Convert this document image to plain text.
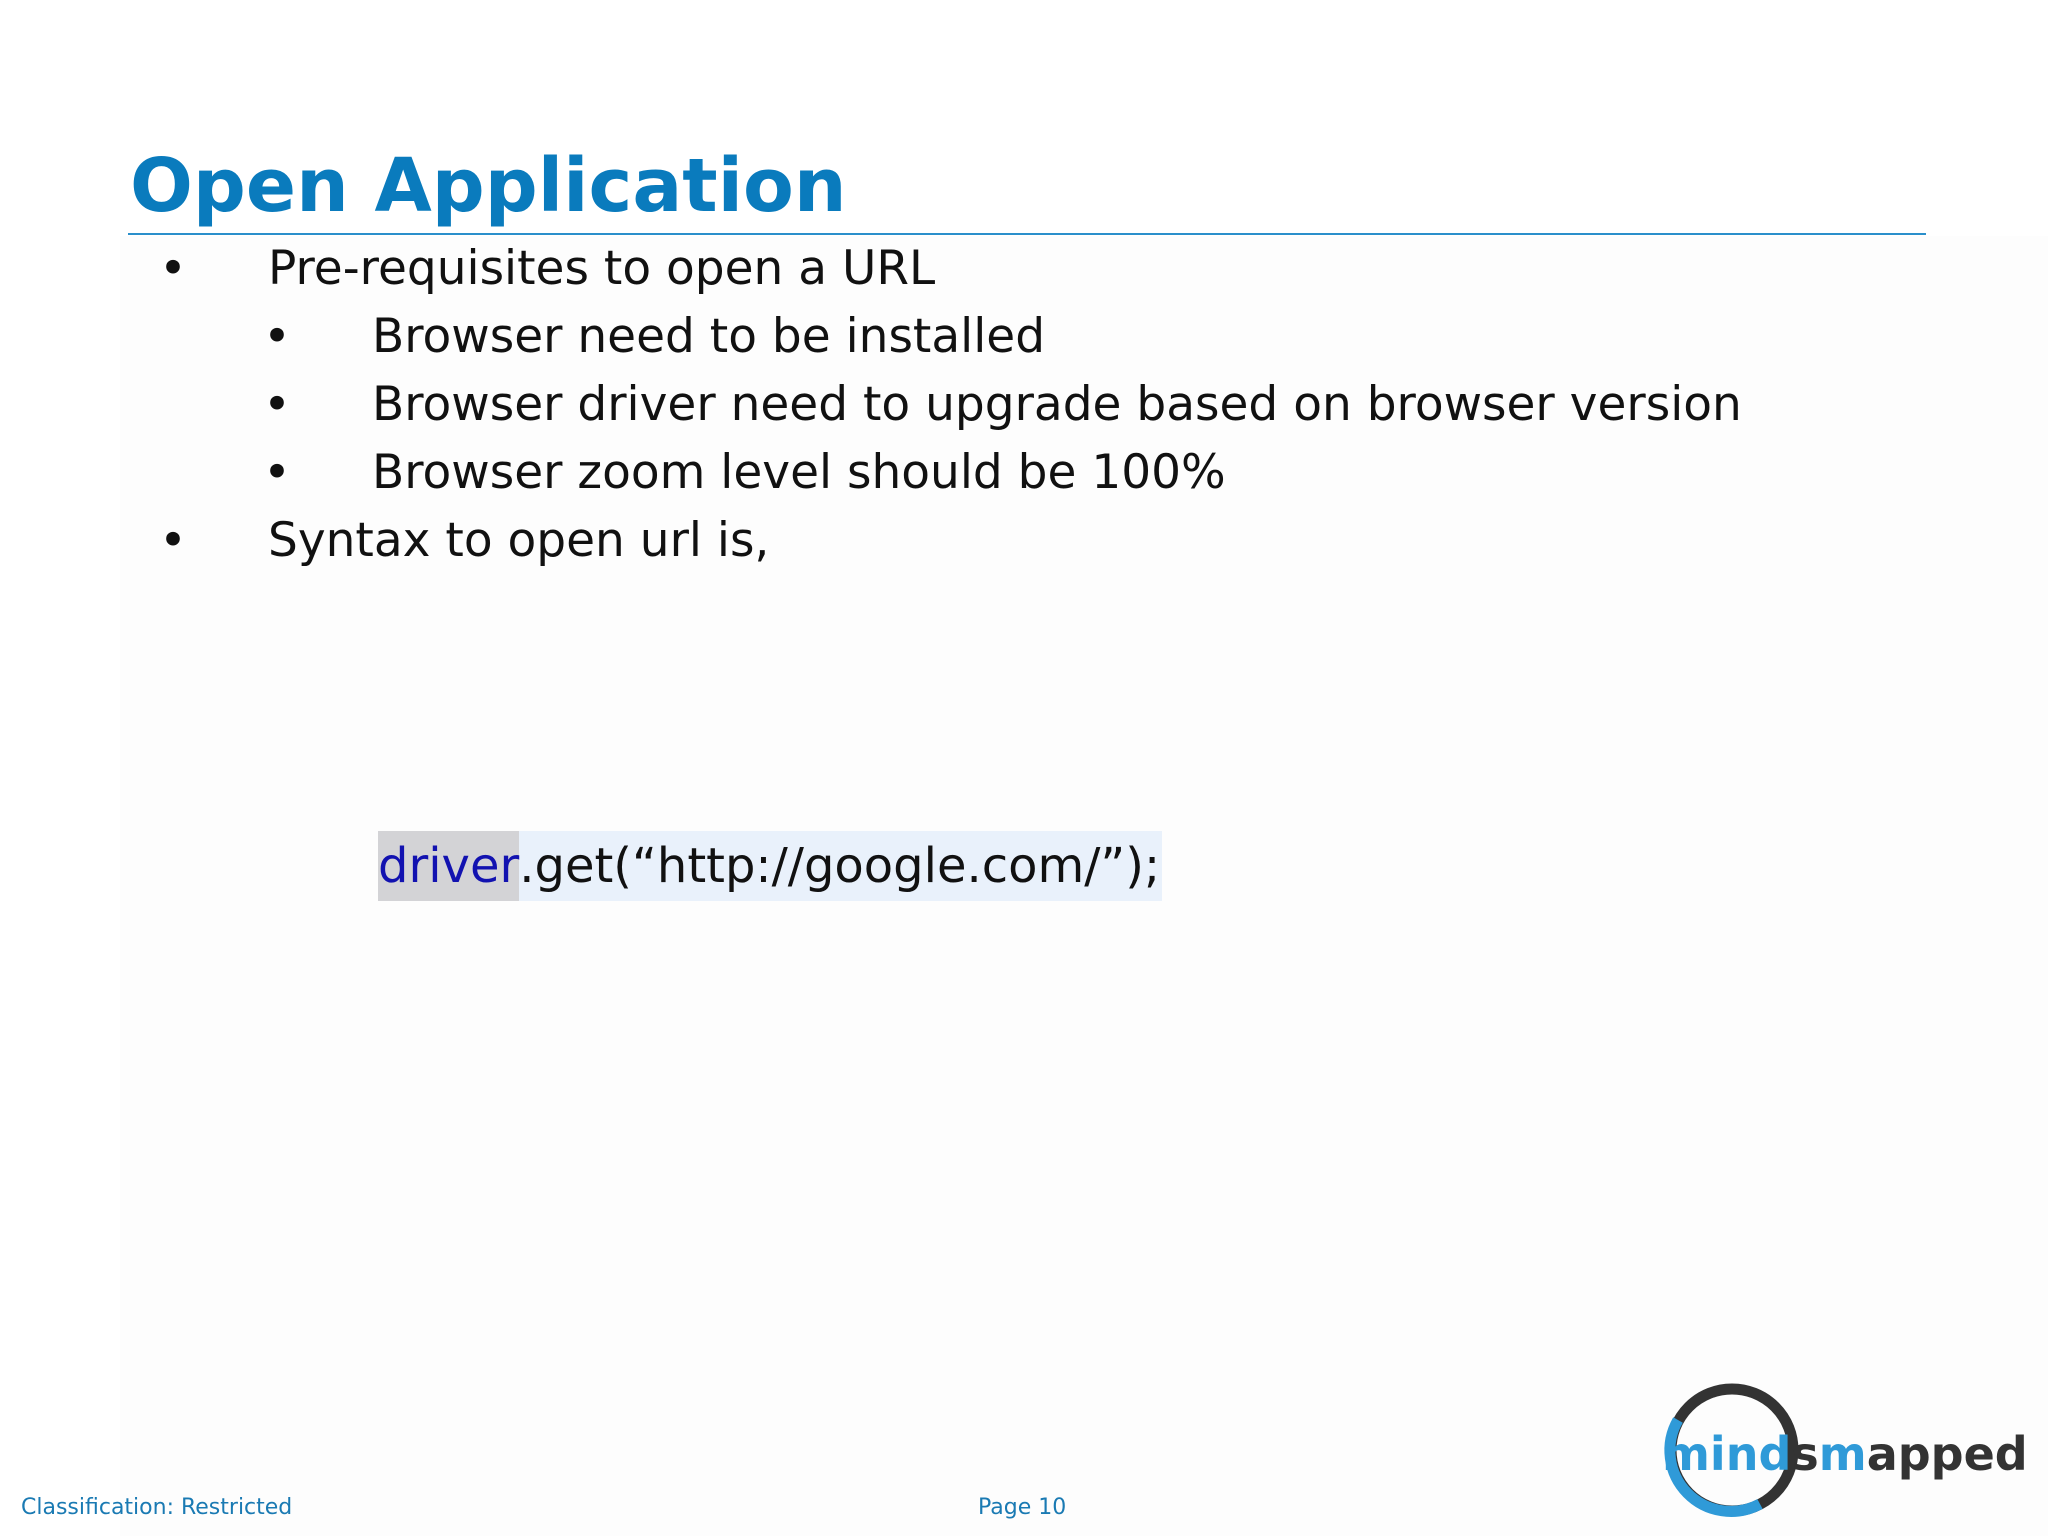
Open Application
• Pre-requisites to open a URL
• Browser need to be installed
• Browser driver need to upgrade based on browser version
• Browser zoom level should be 100%
• Syntax to open url is,
driver.get(“http://google.com/”);
Classification: Restricted	Page 10
mindsmapped
